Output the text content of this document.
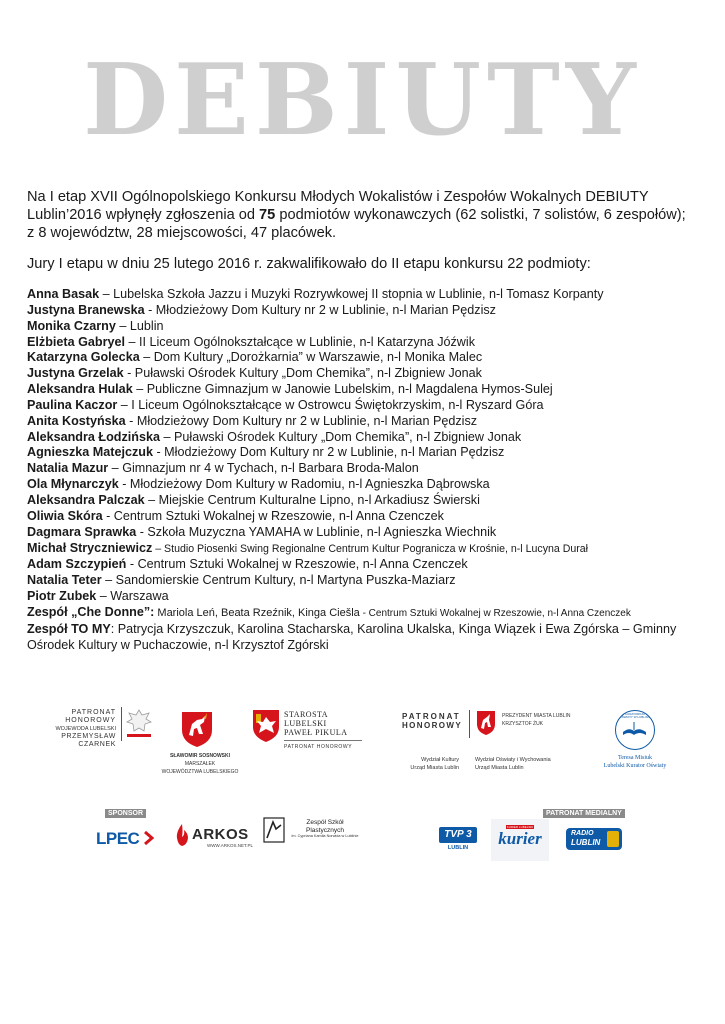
DEBIUTY
Na I etap XVII Ogólnopolskiego Konkursu Młodych Wokalistów i Zespołów Wokalnych DEBIUTY Lublin’2016 wpłynęły zgłoszenia od 75 podmiotów wykonawczych (62 solistki, 7 solistów, 6 zespołów); z 8 województw, 28 miejscowości, 47 placówek.
Jury I etapu w dniu 25 lutego 2016 r. zakwalifikowało do II etapu konkursu 22 podmioty:
Anna Basak – Lubelska Szkoła Jazzu i Muzyki Rozrywkowej II stopnia w Lublinie, n-l Tomasz Korpanty
Justyna Branewska - Młodzieżowy Dom Kultury nr 2 w Lublinie, n-l Marian Pędzisz
Monika Czarny – Lublin
Elżbieta Gabryel – II Liceum Ogólnokształcące w Lublinie, n-l Katarzyna Jóźwik
Katarzyna Golecka – Dom Kultury „Dorożkarnia” w Warszawie, n-l Monika Malec
Justyna Grzelak - Puławski Ośrodek Kultury „Dom Chemika”, n-l Zbigniew Jonak
Aleksandra Hulak – Publiczne Gimnazjum w Janowie Lubelskim, n-l Magdalena Hymos-Sulej
Paulina Kaczor – I Liceum Ogólnokształcące w Ostrowcu Świętokrzyskim, n-l Ryszard Góra
Anita Kostyńska - Młodzieżowy Dom Kultury nr 2 w Lublinie, n-l Marian Pędzisz
Aleksandra Łodzińska – Puławski Ośrodek Kultury „Dom Chemika”, n-l Zbigniew Jonak
Agnieszka Matejczuk - Młodzieżowy Dom Kultury nr 2 w Lublinie, n-l Marian Pędzisz
Natalia Mazur – Gimnazjum nr 4 w Tychach, n-l Barbara Broda-Malon
Ola Młynarczyk - Młodzieżowy Dom Kultury w Radomiu, n-l Agnieszka Dąbrowska
Aleksandra Palczak – Miejskie Centrum Kulturalne Lipno, n-l Arkadiusz Świerski
Oliwia Skóra - Centrum Sztuki Wokalnej w Rzeszowie, n-l Anna Czenczek
Dagmara Sprawka - Szkoła Muzyczna YAMAHA w Lublinie, n-l Agnieszka Wiechnik
Michał Stryczniewicz – Studio Piosenki Swing Regionalne Centrum Kultur Pogranicza w Krośnie, n-l Lucyna Durał
Adam Szczypień - Centrum Sztuki Wokalnej w Rzeszowie, n-l Anna Czenczek
Natalia Teter – Sandomierskie Centrum Kultury, n-l Martyna Puszka-Maziarz
Piotr Zubek – Warszawa
Zespół „Che Donne”: Mariola Leń, Beata Rzeźnik, Kinga Ciešla - Centrum Sztuki Wokalnej w Rzeszowie, n-l Anna Czenczek
Zespół TO MY: Patrycja Krzyszczuk, Karolina Stacharska, Karolina Ukalska, Kinga Wiązek i Ewa Zgórska – Gminny Ośrodek Kultury w Puchaczowie, n-l Krzysztof Zgórski
PATRONAT HONOROWY
WOJEWODA LUBELSKI
PRZEMYSŁAW CZARNEK
SŁAWOMIR SOSNOWSKI
MARSZAŁEK
WOJEWÓDZTWA LUBELSKIEGO
STAROSTA LUBELSKI
PAWEŁ PIKULA
PATRONAT HONOROWY
PATRONAT
HONOROWY
PREZYDENT MIASTA LUBLIN
KRZYSZTOF ŻUK
Wydział Kultury
Urząd Miasta Lublin
Wydział Oświaty i Wychowania
Urząd Miasta Lublin
KURATORIUM OŚWIATY W LUBLINIE
Teresa Misiuk
Lubelski Kurator Oświaty
SPONSOR
LPEC	ARKOS
WWW.ARKOS.NET.PL
Zespół Szkół
Plastycznych
im. Cypriana Kamila Norwida w Lublinie
PATRONAT MEDIALNY
TVP 3
LUBLIN
KURIER LUBELSKI
kurier	RADIO
LUBLIN
